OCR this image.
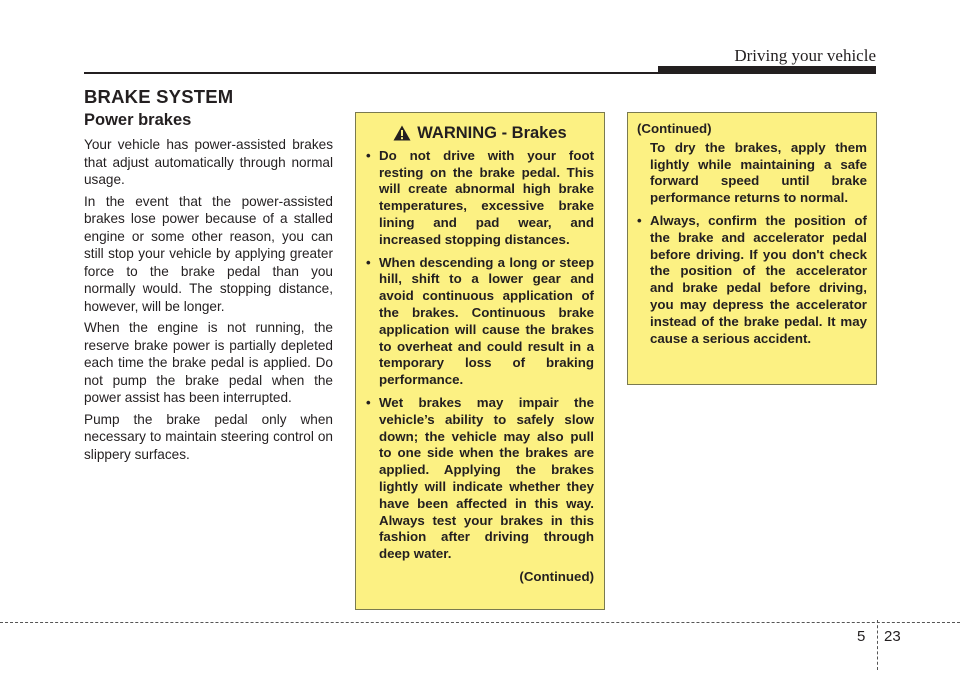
Driving your vehicle
BRAKE SYSTEM
Power brakes

Your vehicle has power-assisted brakes that adjust automatically through normal usage.

In the event that the power-assisted brakes lose power because of a stalled engine or some other reason, you can still stop your vehicle by applying greater force to the brake pedal than you normally would. The stopping distance, however, will be longer.

When the engine is not running, the reserve brake power is partially depleted each time the brake pedal is applied. Do not pump the brake pedal when the power assist has been interrupted.

Pump the brake pedal only when necessary to maintain steering control on slippery surfaces.

WARNING - Brakes
• Do not drive with your foot resting on the brake pedal. This will create abnormal high brake temperatures, excessive brake lining and pad wear, and increased stopping distances.
• When descending a long or steep hill, shift to a lower gear and avoid continuous application of the brakes. Continuous brake application will cause the brakes to overheat and could result in a temporary loss of braking performance.
• Wet brakes may impair the vehicle’s ability to safely slow down; the vehicle may also pull to one side when the brakes are applied. Applying the brakes lightly will indicate whether they have been affected in this way. Always test your brakes in this fashion after driving through deep water.
(Continued)
(Continued)
To dry the brakes, apply them lightly while maintaining a safe forward speed until brake performance returns to normal.
• Always, confirm the position of the brake and accelerator pedal before driving. If you don't check the position of the accelerator and brake pedal before driving, you may depress the accelerator instead of the brake pedal. It may cause a serious accident.
5 23
